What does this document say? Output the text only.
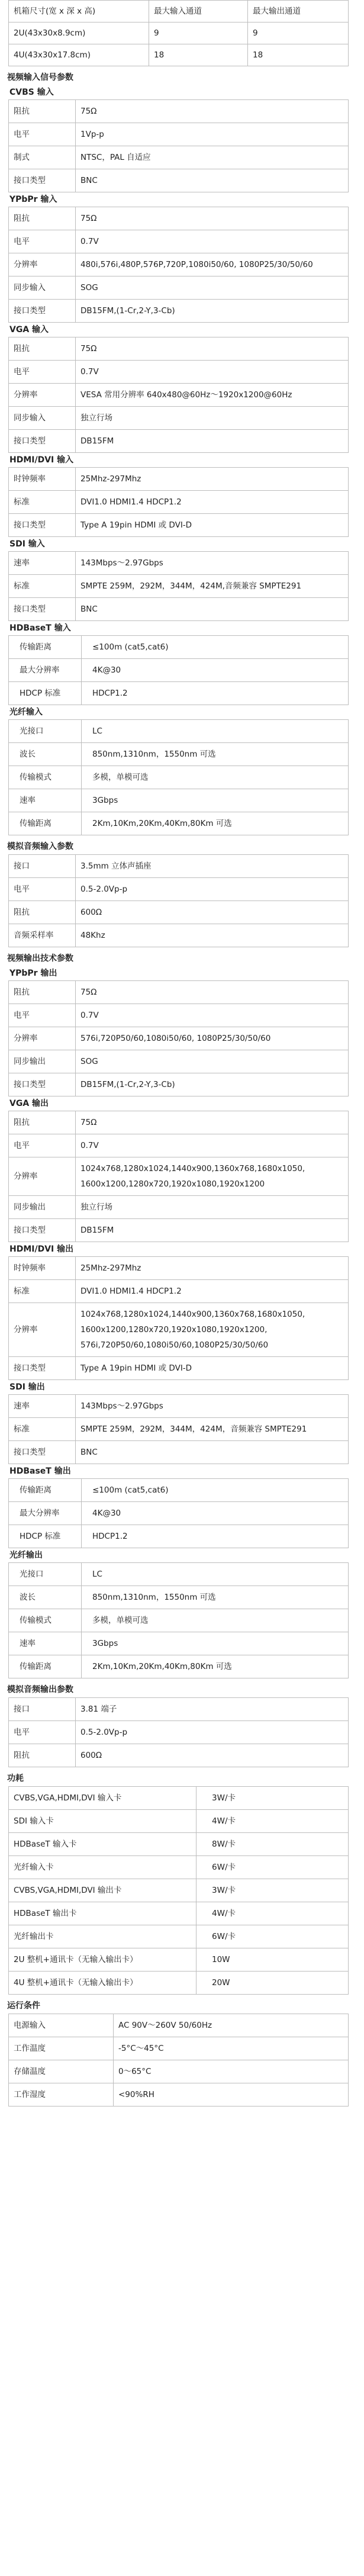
机箱尺寸(宽 x 深 x 高)	最大输入通道	最大输出通道
2U(43x30x8.9cm)	9	9
4U(43x30x17.8cm)	18	18
视频输入信号参数
CVBS 输入
阻抗	75Ω
电平	1Vp-p
制式	NTSC，PAL 自适应
接口类型	BNC
YPbPr 输入
阻抗	75Ω
电平	0.7V
分辨率	480i,576i,480P,576P,720P,1080i50/60, 1080P25/30/50/60
同步输入	SOG
接口类型	DB15FM,(1-Cr,2-Y,3-Cb)
VGA 输入
阻抗	75Ω
电平	0.7V
分辨率	VESA 常用分辨率 640x480@60Hz～1920x1200@60Hz
同步输入	独立行场
接口类型	DB15FM
HDMI/DVI 输入
时钟频率	25Mhz-297Mhz
标准	DVI1.0 HDMI1.4 HDCP1.2
接口类型	Type A 19pin HDMI 或 DVI-D
SDI 输入
速率	143Mbps～2.97Gbps
标准	SMPTE 259M，292M，344M，424M,音频兼容 SMPTE291
接口类型	BNC
HDBaseT 输入
传输距离	≤100m (cat5,cat6)
最大分辨率	4K@30
HDCP 标准	HDCP1.2
光纤输入
光接口	LC
波长	850nm,1310nm，1550nm 可选
传输模式	多模，单模可选
速率	3Gbps
传输距离	2Km,10Km,20Km,40Km,80Km 可选
模拟音频输入参数
接口	3.5mm 立体声插座
电平	0.5-2.0Vp-p
阻抗	600Ω
音频采样率	48Khz
视频输出技术参数
YPbPr 输出
阻抗	75Ω
电平	0.7V
分辨率	576i,720P50/60,1080i50/60, 1080P25/30/50/60
同步输出	SOG
接口类型	DB15FM,(1-Cr,2-Y,3-Cb)
VGA 输出
阻抗	75Ω
电平	0.7V
分辨率	1024x768,1280x1024,1440x900,1360x768,1680x1050, 1600x1200,1280x720,1920x1080,1920x1200
同步输出	独立行场
接口类型	DB15FM
HDMI/DVI 输出
时钟频率	25Mhz-297Mhz
标准	DVI1.0 HDMI1.4 HDCP1.2
分辨率	1024x768,1280x1024,1440x900,1360x768,1680x1050, 1600x1200,1280x720,1920x1080,1920x1200, 576i,720P50/60,1080i50/60,1080P25/30/50/60
接口类型	Type A 19pin HDMI 或 DVI-D
SDI 输出
速率	143Mbps～2.97Gbps
标准	SMPTE 259M，292M，344M，424M，音频兼容 SMPTE291
接口类型	BNC
HDBaseT 输出
传输距离	≤100m (cat5,cat6)
最大分辨率	4K@30
HDCP 标准	HDCP1.2
光纤输出
光接口	LC
波长	850nm,1310nm，1550nm 可选
传输模式	多模，单模可选
速率	3Gbps
传输距离	2Km,10Km,20Km,40Km,80Km 可选
模拟音频输出参数
接口	3.81 端子
电平	0.5-2.0Vp-p
阻抗	600Ω
功耗
CVBS,VGA,HDMI,DVI 输入卡	3W/卡
SDI 输入卡	4W/卡
HDBaseT 输入卡	8W/卡
光纤输入卡	6W/卡
CVBS,VGA,HDMI,DVI 输出卡	3W/卡
HDBaseT 输出卡	4W/卡
光纤输出卡	6W/卡
2U 整机+通讯卡（无输入输出卡）	10W
4U 整机+通讯卡（无输入输出卡）	20W
运行条件
电源输入	AC 90V～260V 50/60Hz
工作温度	-5°C～45°C
存储温度	0～65°C
工作湿度	<90%RH
